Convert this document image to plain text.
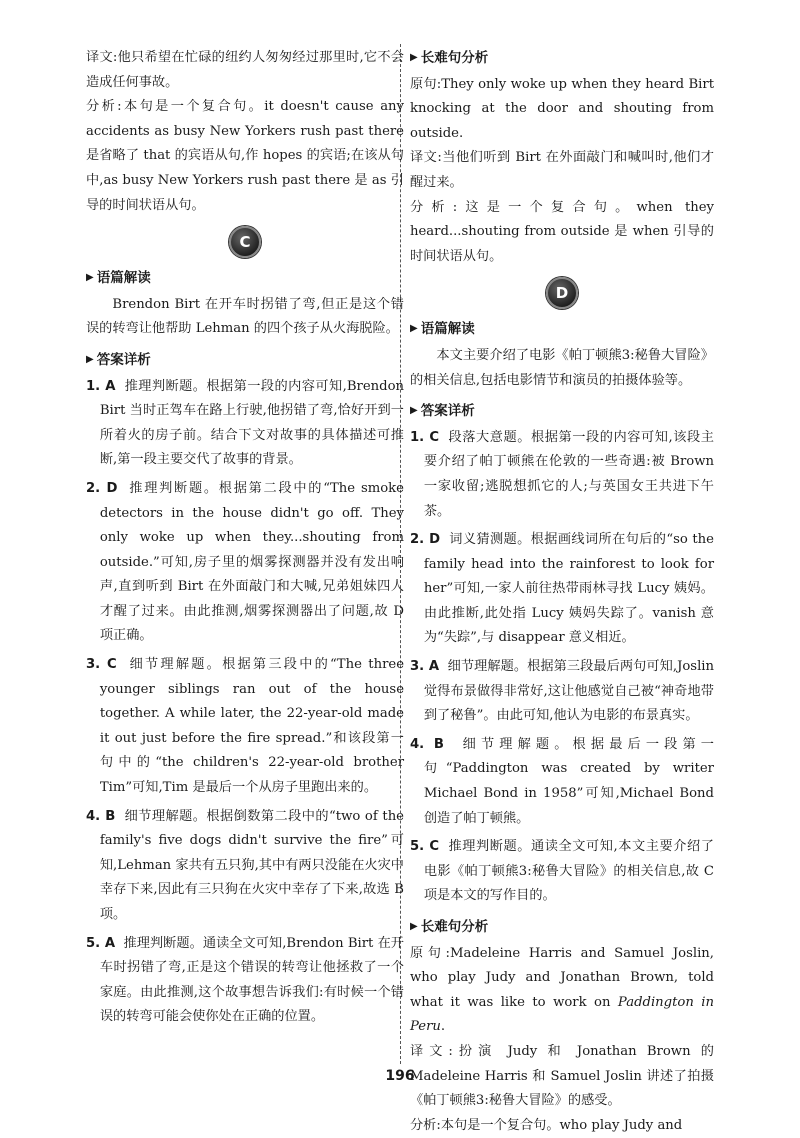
译文:他只希望在忙碌的纽约人匆匆经过那里时,它不会造成任何事故。

分析:本句是一个复合句。it doesn't cause any accidents as busy New Yorkers rush past there 是省略了 that 的宾语从句,作 hopes 的宾语;在该从句中,as busy New Yorkers rush past there 是 as 引导的时间状语从句。

C
▶ 语篇解读

Brendon Birt 在开车时拐错了弯,但正是这个错误的转弯让他帮助 Lehman 的四个孩子从火海脱险。

▶ 答案详析
1. A 推理判断题。根据第一段的内容可知,Brendon Birt 当时正驾车在路上行驶,他拐错了弯,恰好开到一所着火的房子前。结合下文对故事的具体描述可推断,第一段主要交代了故事的背景。
2. D 推理判断题。根据第二段中的“The smoke detectors in the house didn't go off. They only woke up when they...shouting from outside.”可知,房子里的烟雾探测器并没有发出响声,直到听到 Birt 在外面敲门和大喊,兄弟姐妹四人才醒了过来。由此推测,烟雾探测器出了问题,故 D 项正确。
3. C 细节理解题。根据第三段中的“The three younger siblings ran out of the house together. A while later, the 22-year-old made it out just before the fire spread.”和该段第一句中的“the children's 22-year-old brother Tim”可知,Tim 是最后一个从房子里跑出来的。
4. B 细节理解题。根据倒数第二段中的“two of the family's five dogs didn't survive the fire”可知,Lehman 家共有五只狗,其中有两只没能在火灾中幸存下来,因此有三只狗在火灾中幸存了下来,故选 B 项。
5. A 推理判断题。通读全文可知,Brendon Birt 在开车时拐错了弯,正是这个错误的转弯让他拯救了一个家庭。由此推测,这个故事想告诉我们:有时候一个错误的转弯可能会使你处在正确的位置。
▶ 长难句分析

原句:They only woke up when they heard Birt knocking at the door and shouting from outside.

译文:当他们听到 Birt 在外面敲门和喊叫时,他们才醒过来。

分析:这是一个复合句。when they heard...shouting from outside 是 when 引导的时间状语从句。

D
▶ 语篇解读

本文主要介绍了电影《帕丁顿熊3:秘鲁大冒险》的相关信息,包括电影情节和演员的拍摄体验等。

▶ 答案详析
1. C 段落大意题。根据第一段的内容可知,该段主要介绍了帕丁顿熊在伦敦的一些奇遇:被 Brown 一家收留;逃脱想抓它的人;与英国女王共进下午茶。
2. D 词义猜测题。根据画线词所在句后的“so the family head into the rainforest to look for her”可知,一家人前往热带雨林寻找 Lucy 姨妈。由此推断,此处指 Lucy 姨妈失踪了。vanish 意为“失踪”,与 disappear 意义相近。
3. A 细节理解题。根据第三段最后两句可知,Joslin 觉得布景做得非常好,这让他感觉自己被“神奇地带到了秘鲁”。由此可知,他认为电影的布景真实。
4. B 细节理解题。根据最后一段第一句“Paddington was created by writer Michael Bond in 1958”可知,Michael Bond 创造了帕丁顿熊。
5. C 推理判断题。通读全文可知,本文主要介绍了电影《帕丁顿熊3:秘鲁大冒险》的相关信息,故 C 项是本文的写作目的。
▶ 长难句分析

原句:Madeleine Harris and Samuel Joslin, who play Judy and Jonathan Brown, told what it was like to work on Paddington in Peru.

译文:扮演 Judy 和 Jonathan Brown 的 Madeleine Harris 和 Samuel Joslin 讲述了拍摄《帕丁顿熊3:秘鲁大冒险》的感受。

分析:本句是一个复合句。who play Judy and

196
